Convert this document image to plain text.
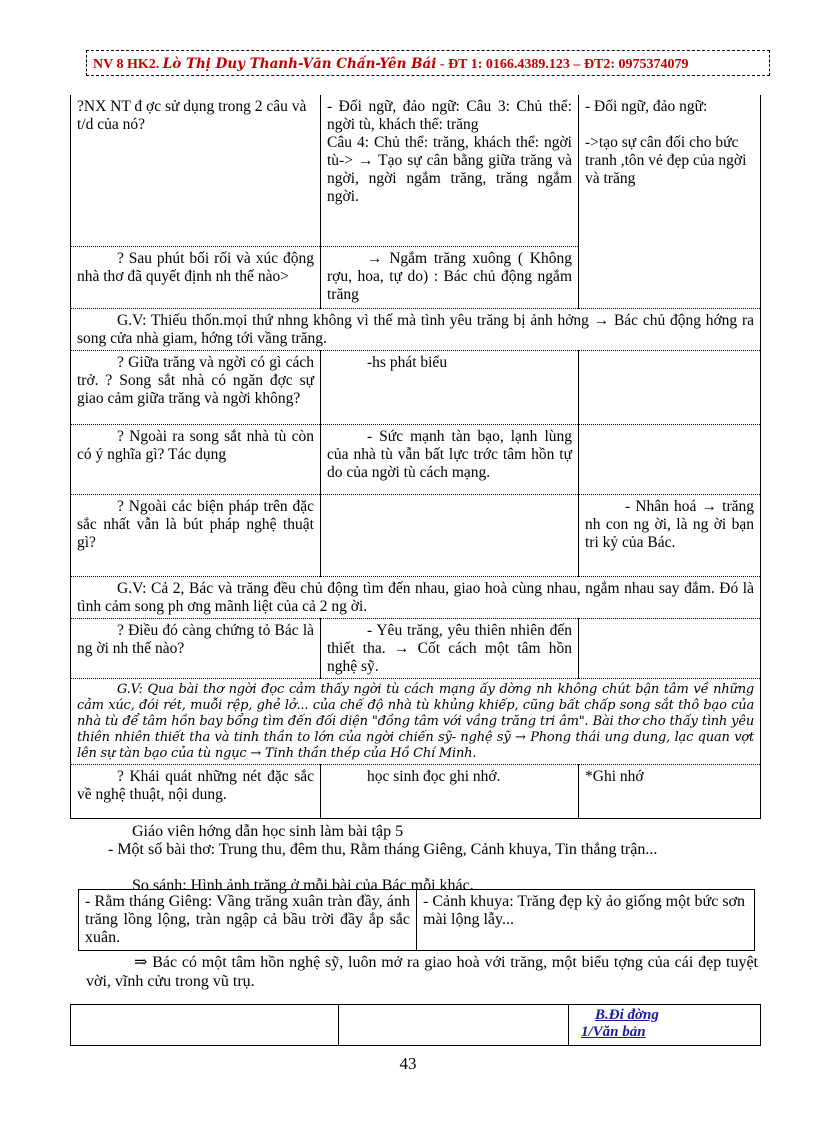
NV 8 HK2. Lò Thị Duy Thanh-Văn Chấn-Yên Bái - ĐT 1: 0166.4389.123 – ĐT2: 0975374079
?NX NT đ ợc sử dụng trong 2 câu và t/d của nó?	- Đối ngữ, đảo ngữ: Câu 3: Chủ thể: ngời tù, khách thể: trăng
Câu 4: Chủ thể: trăng, khách thể: ngời tù-> → Tạo sự cân bằng giữa trăng và ngời, ngời ngắm trăng, trăng ngắm ngời.	- Đối ngữ, đảo ngữ:

->tạo sự cân đối cho bức tranh ,tôn vẻ đẹp của ngời và trăng
? Sau phút bối rối và xúc động nhà thơ đã quyết định nh thế nào>	→ Ngắm trăng xuông ( Không rợu, hoa, tự do) : Bác chủ động ngắm trăng	
G.V: Thiếu thốn.mọi thứ nhng không vì thế mà tình yêu trăng bị ảnh hởng → Bác chủ động hớng ra song cửa nhà giam, hớng tới vầng trăng.		
? Giữa trăng và ngời có gì cách trở. ? Song sắt nhà có ngăn đợc sự giao cảm giữa trăng và ngời không?	-hs phát biểu	
? Ngoài ra song sắt nhà tù còn có ý nghĩa gì? Tác dụng	- Sức mạnh tàn bạo, lạnh lùng của nhà tù vẫn bất lực trớc tâm hồn tự do của ngời tù cách mạng.	
? Ngoài các biện pháp trên đặc sắc nhất vẫn là bút pháp nghệ thuật gì?		- Nhân hoá → trăng nh con ng ời, là ng ời bạn tri kỷ của Bác.
G.V: Cả 2, Bác và trăng đều chủ động tìm đến nhau, giao hoà cùng nhau, ngắm nhau say đắm. Đó là tình cảm song ph ơng mãnh liệt của cả 2 ng ời.		
? Điều đó càng chứng tỏ Bác là ng ời nh thế nào?	- Yêu trăng, yêu thiên nhiên đến thiết tha. → Cốt cách một tâm hồn nghệ sỹ.	
G.V: Qua bài thơ ngời đọc cảm thấy ngời tù cách mạng ấy dờng nh không chút bận tâm về những cảm xúc, đói rét, muỗi rệp, ghẻ lở... của chế độ nhà tù khủng khiếp, cũng bất chấp song sắt thô bạo của nhà tù để tâm hồn bay bổng tìm đến đối diện "đồng tâm với vầng trăng tri âm". Bài thơ cho thấy tình yêu thiên nhiên thiết tha và tinh thần to lớn của ngời chiến sỹ- nghệ sỹ → Phong thái ung dung, lạc quan vợt lên sự tàn bạo của tù ngục → Tinh thần thép của Hồ Chí Minh.		
? Khái quát những nét đặc sắc về nghệ thuật, nội dung.	học sinh đọc ghi nhớ.	*Ghi nhớ
Giáo viên hớng dẫn học sinh làm bài tập 5
- Một số bài thơ: Trung thu, đêm thu, Rằm tháng Giêng, Cảnh khuya, Tin thắng trận...
So sánh: Hình ảnh trăng ở mỗi bài của Bác mỗi khác.
- Rằm tháng Giêng: Vầng trăng xuân tràn đầy, ánh trăng lồng lộng, tràn ngập cả bầu trời đầy ắp sắc xuân.	- Cảnh khuya: Trăng đẹp kỳ ảo giống một bức sơn mài lộng lẫy...
⇒ Bác có một tâm hồn nghệ sỹ, luôn mở ra giao hoà với trăng, một biểu tợng của cái đẹp tuyệt vời, vĩnh cửu trong vũ trụ.

B.Đi đờng
1/Văn bản
43
